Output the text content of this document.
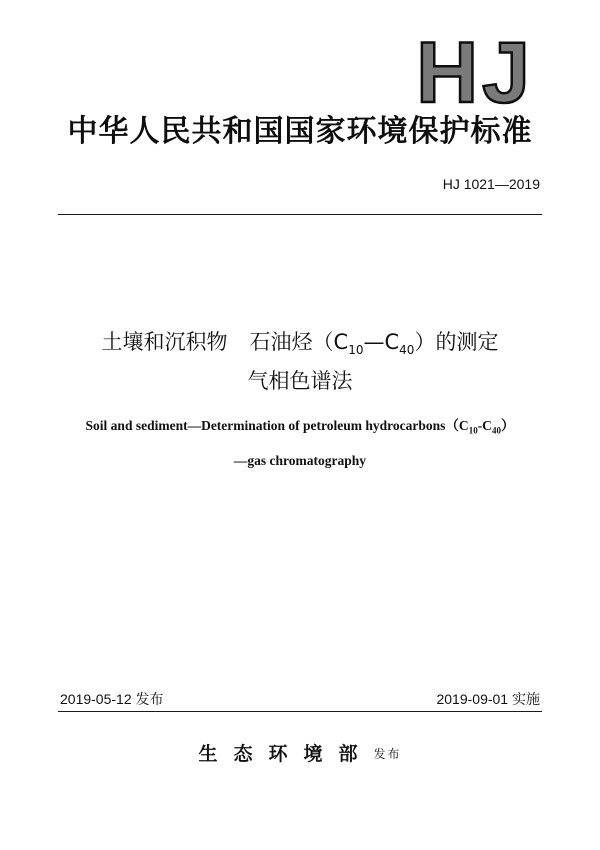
HJ
中华人民共和国国家环境保护标准
HJ 1021—2019
土壤和沉积物 石油烃$(C_{10}—C_{40})$的测定
气相色谱法
Soil and sediment—Determination of petroleum $hydrocarbons(C_{10}-C_{40})$
—gas chromatography
2019-05-12 发布	2019-09-01 实施
生态环境部发布
